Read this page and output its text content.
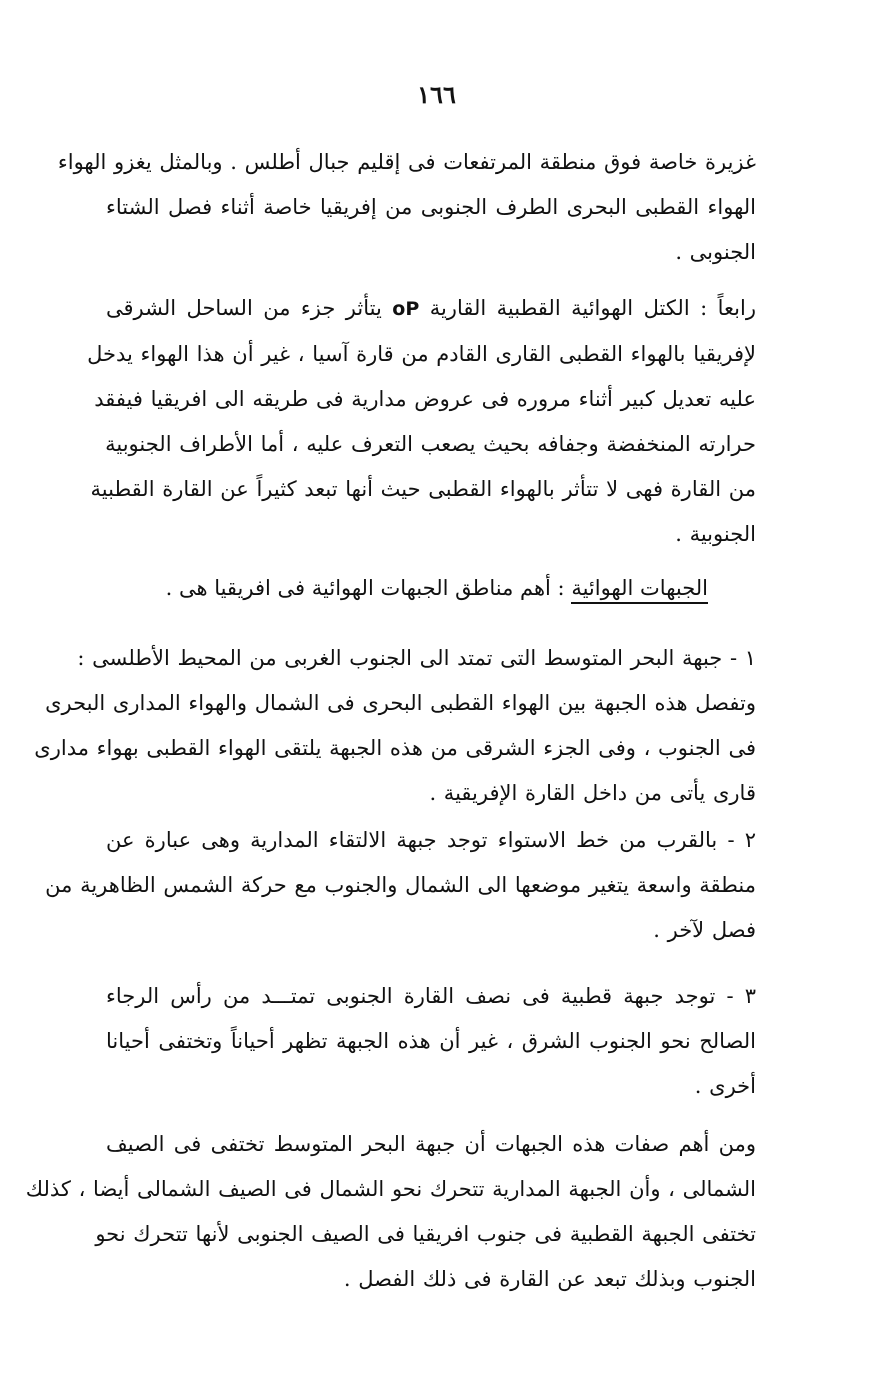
١٦٦
غزيرة خاصة فوق منطقة المرتفعات فى إقليم جبال أطلس . وبالمثل يغزو الهواء
الهواء القطبى البحرى الطرف الجنوبى من إفريقيا خاصة أثناء فصل الشتاء
الجنوبى .
رابعاً : الكتل الهوائية القطبية القارية oP يتأثر جزء من الساحل الشرقى
لإفريقيا بالهواء القطبى القارى القادم من قارة آسيا ، غير أن هذا الهواء يدخل
عليه تعديل كبير أثناء مروره فى عروض مدارية فى طريقه الى افريقيا فيفقد
حرارته المنخفضة وجفافه بحيث يصعب التعرف عليه ، أما الأطراف الجنوبية
من القارة فهى لا تتأثر بالهواء القطبى حيث أنها تبعد كثيراً عن القارة القطبية
الجنوبية .
الجبهات الهوائية : أهم مناطق الجبهات الهوائية فى افريقيا هى .
١ - جبهة البحر المتوسط التى تمتد الى الجنوب الغربى من المحيط الأطلسى :
وتفصل هذه الجبهة بين الهواء القطبى البحرى فى الشمال والهواء المدارى البحرى
فى الجنوب ، وفى الجزء الشرقى من هذه الجبهة يلتقى الهواء القطبى بهواء مدارى
قارى يأتى من داخل القارة الإفريقية .
٢ - بالقرب من خط الاستواء توجد جبهة الالتقاء المدارية وهى عبارة عن
منطقة واسعة يتغير موضعها الى الشمال والجنوب مع حركة الشمس الظاهرية من
فصل لآخر .
٣ - توجد جبهة قطبية فى نصف القارة الجنوبى تمتـــد من رأس الرجاء
الصالح نحو الجنوب الشرق ، غير أن هذه الجبهة تظهر أحياناً وتختفى أحيانا
أخرى .
ومن أهم صفات هذه الجبهات أن جبهة البحر المتوسط تختفى فى الصيف
الشمالى ، وأن الجبهة المدارية تتحرك نحو الشمال فى الصيف الشمالى أيضا ، كذلك
تختفى الجبهة القطبية فى جنوب افريقيا فى الصيف الجنوبى لأنها تتحرك نحو
الجنوب وبذلك تبعد عن القارة فى ذلك الفصل .
